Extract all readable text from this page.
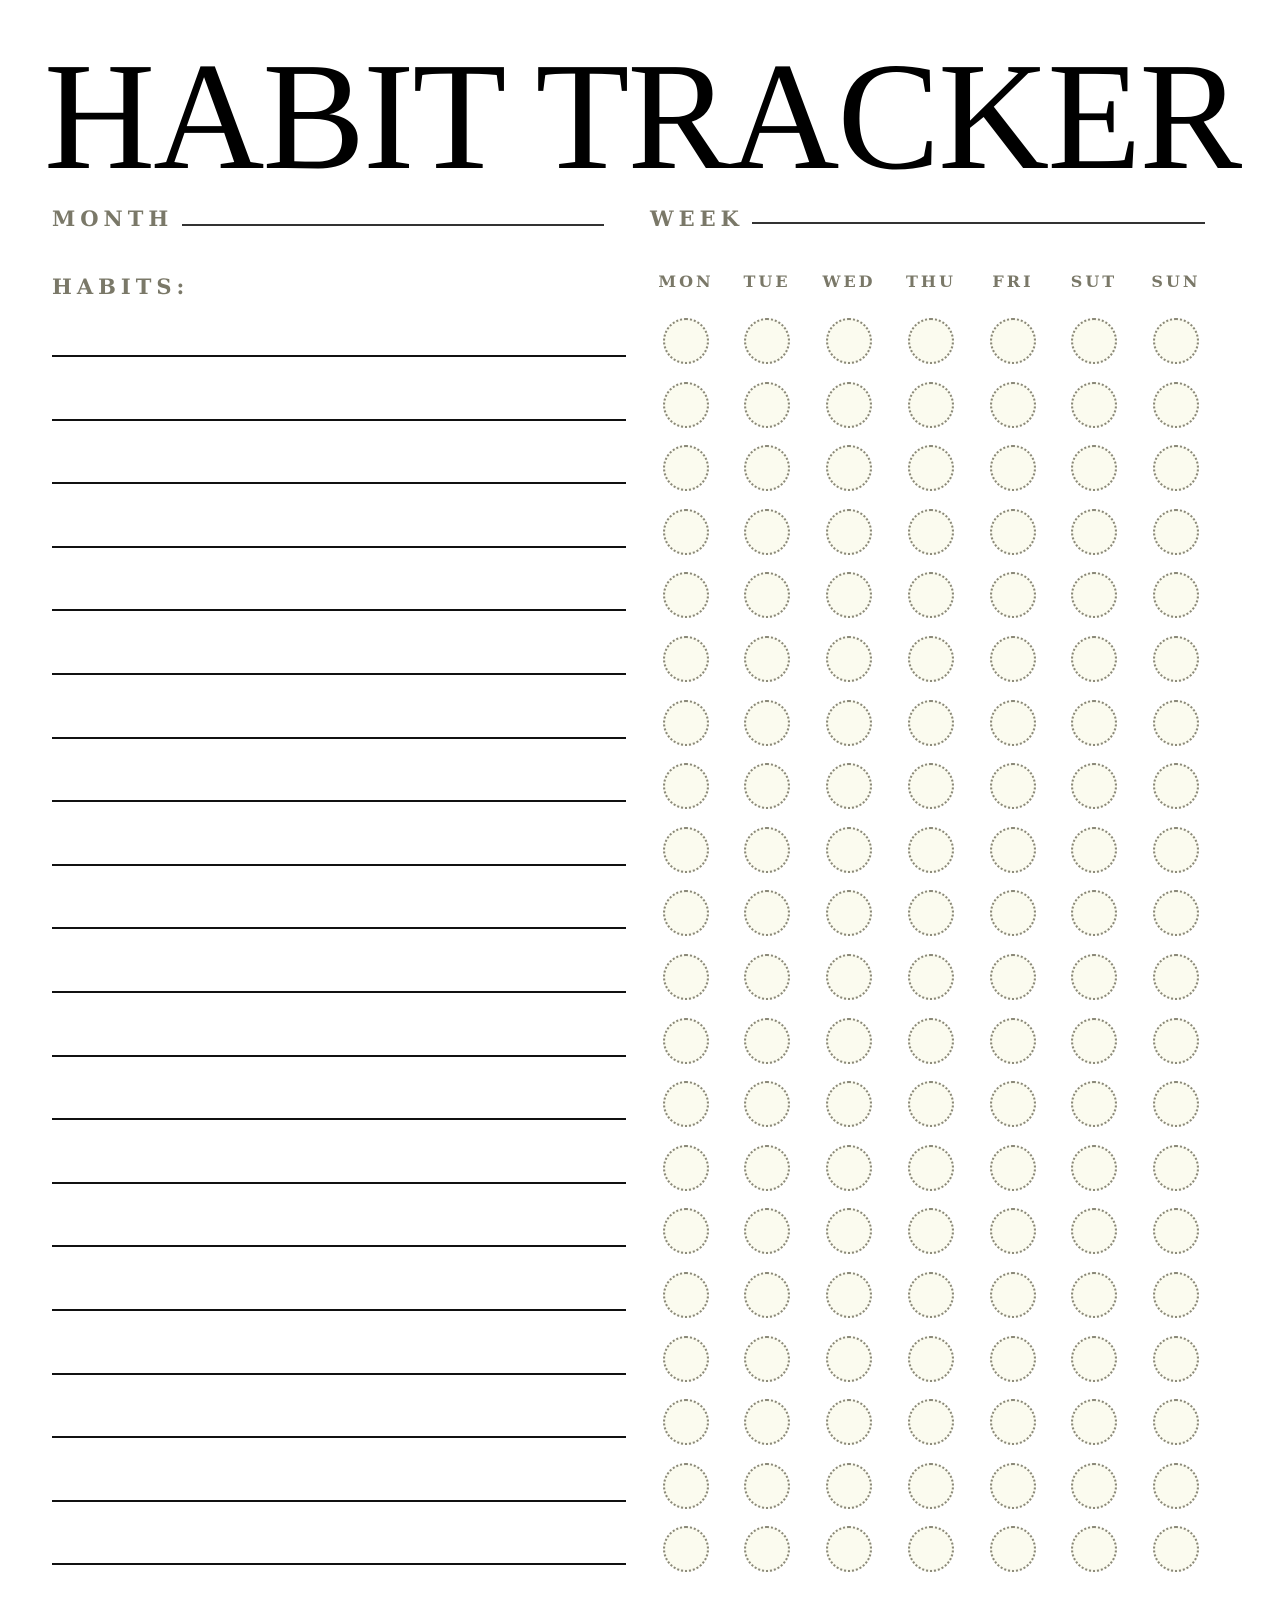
HABIT TRACKER
MONTH	WEEK
HABITS:	MON	TUE	WED	THU	FRI	SUT	SUN
